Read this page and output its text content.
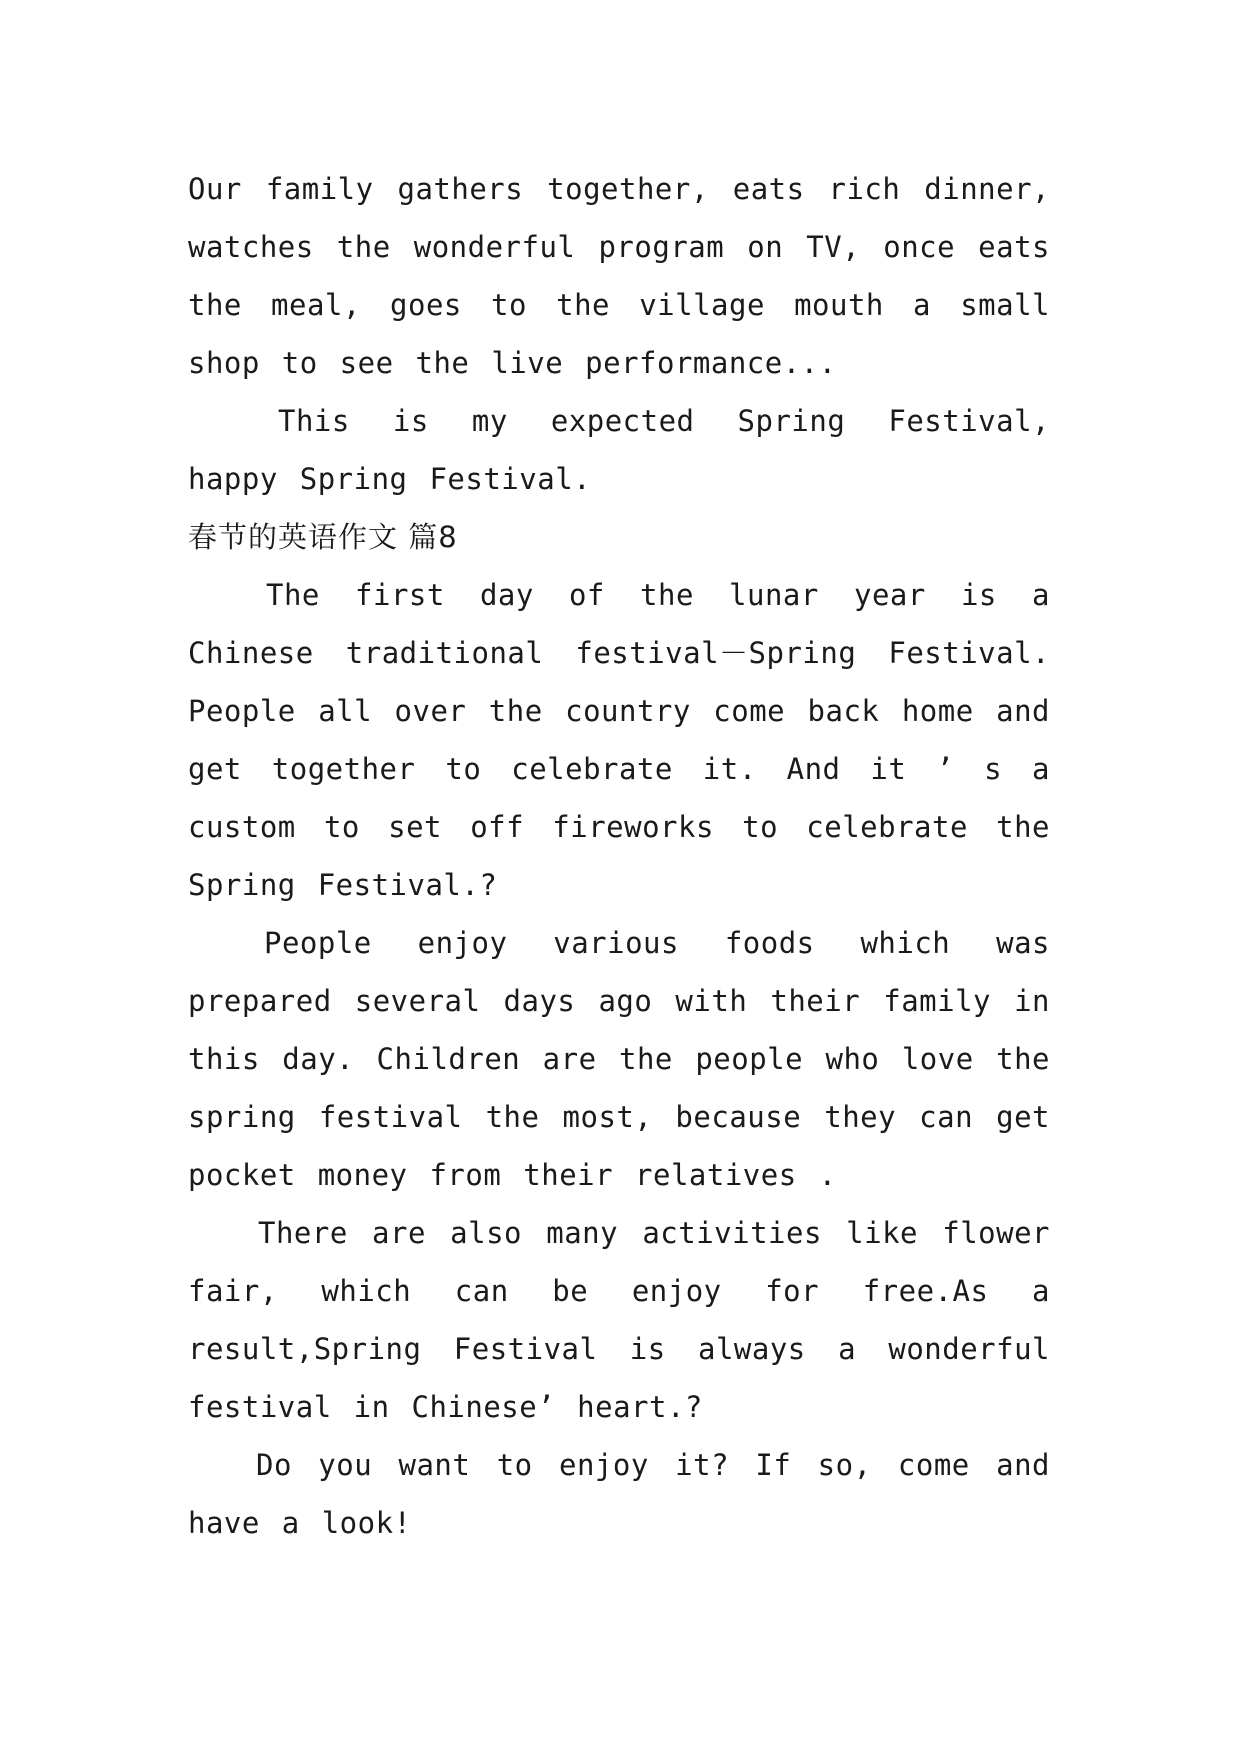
Our family gathers together, eats rich dinner, watches the wonderful program on TV, once eats the meal, goes to the village mouth a small shop to see the live performance...

This is my expected Spring Festival, happy Spring Festival.

春节的英语作文 篇8

The first day of the lunar year is a Chinese traditional festival－Spring Festival. People all over the country come back home and get together to celebrate it. And it ’ s a custom to set off fireworks to celebrate the Spring Festival.?

People enjoy various foods which was prepared several days ago with their family in this day. Children are the people who love the spring festival the most, because they can get pocket money from their relatives .

There are also many activities like flower fair, which can be enjoy for free.As a result,Spring Festival is always a wonderful festival in Chinese’ heart.?

Do you want to enjoy it? If so, come and have a look!
